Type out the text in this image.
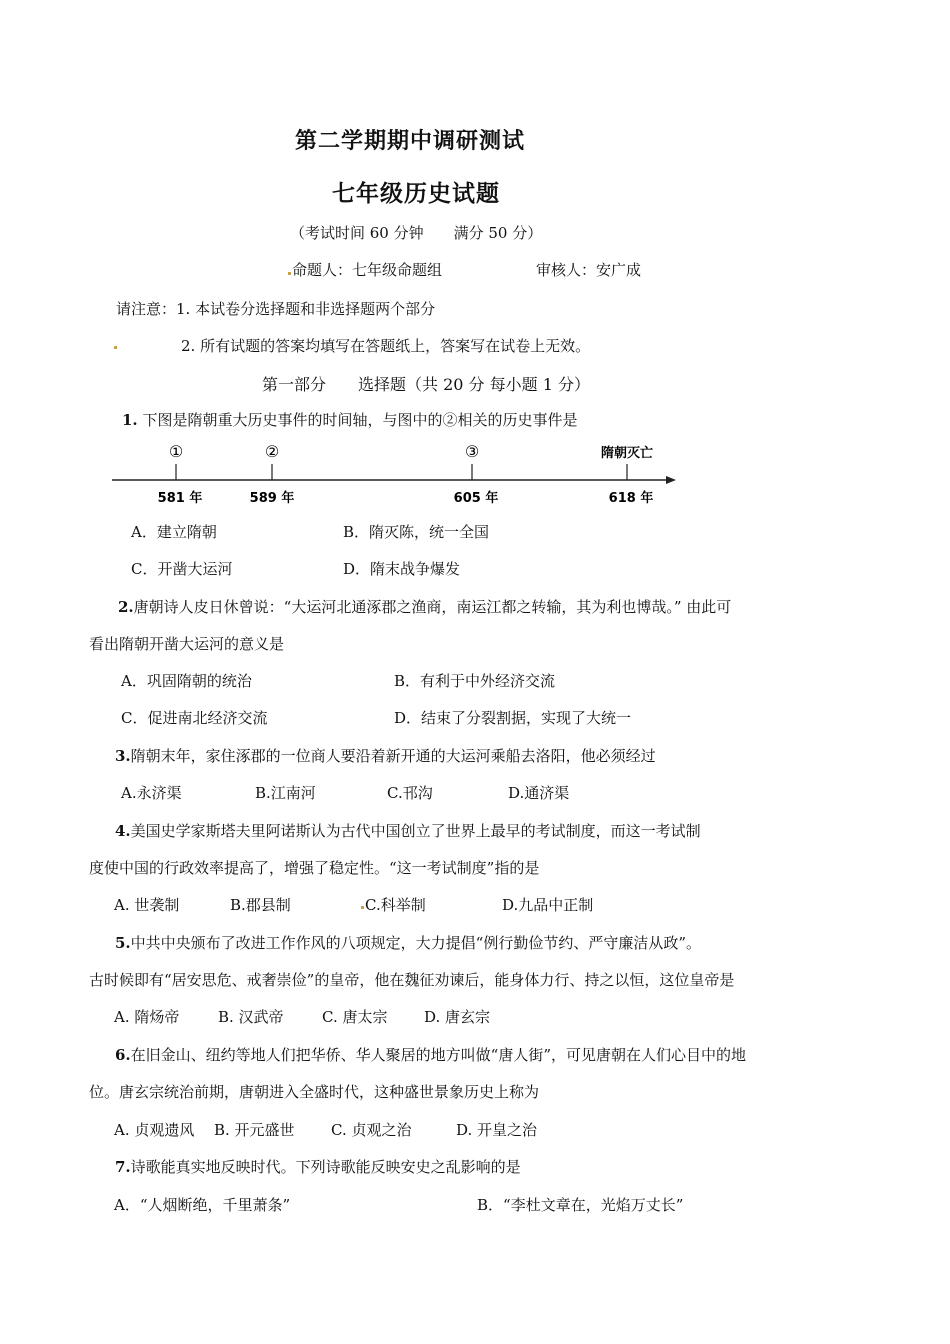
第二学期期中调研测试
七年级历史试题
（考试时间 60 分钟　　满分 50 分）
命题人：七年级命题组	审核人：安广成
请注意：1. 本试卷分选择题和非选择题两个部分
2. 所有试题的答案均填写在答题纸上，答案写在试卷上无效。
第一部分　　选择题（共 20 分 每小题 1 分）
1. 下图是隋朝重大历史事件的时间轴，与图中的②相关的历史事件是
①	②	③	隋朝灭亡
581 年	589 年	605 年	618 年
A．建立隋朝	B．隋灭陈，统一全国
C．开凿大运河	D．隋末战争爆发
2.唐朝诗人皮日休曾说：“大运河北通涿郡之渔商，南运江都之转输，其为利也博哉。” 由此可
看出隋朝开凿大运河的意义是
A．巩固隋朝的统治	B．有利于中外经济交流
C．促进南北经济交流	D．结束了分裂割据，实现了大统一
3.隋朝末年，家住涿郡的一位商人要沿着新开通的大运河乘船去洛阳，他必须经过
A.永济渠	B.江南河	C.邗沟	D.通济渠
4.美国史学家斯塔夫里阿诺斯认为古代中国创立了世界上最早的考试制度，而这一考试制
度使中国的行政效率提高了，增强了稳定性。“这一考试制度”指的是
A. 世袭制	B.郡县制	C.科举制	D.九品中正制
5.中共中央颁布了改进工作作风的八项规定，大力提倡“例行勤俭节约、严守廉洁从政”。
古时候即有“居安思危、戒奢崇俭”的皇帝，他在魏征劝谏后，能身体力行、持之以恒，这位皇帝是
A. 隋炀帝	B. 汉武帝	C. 唐太宗 D. 唐玄宗
6.在旧金山、纽约等地人们把华侨、华人聚居的地方叫做“唐人街”，可见唐朝在人们心目中的地
位。唐玄宗统治前期，唐朝进入全盛时代，这种盛世景象历史上称为
A. 贞观遗风 B. 开元盛世 C. 贞观之治	D. 开皇之治
7.诗歌能真实地反映时代。下列诗歌能反映安史之乱影响的是
A．“人烟断绝，千里萧条”	B．“李杜文章在，光焰万丈长”
